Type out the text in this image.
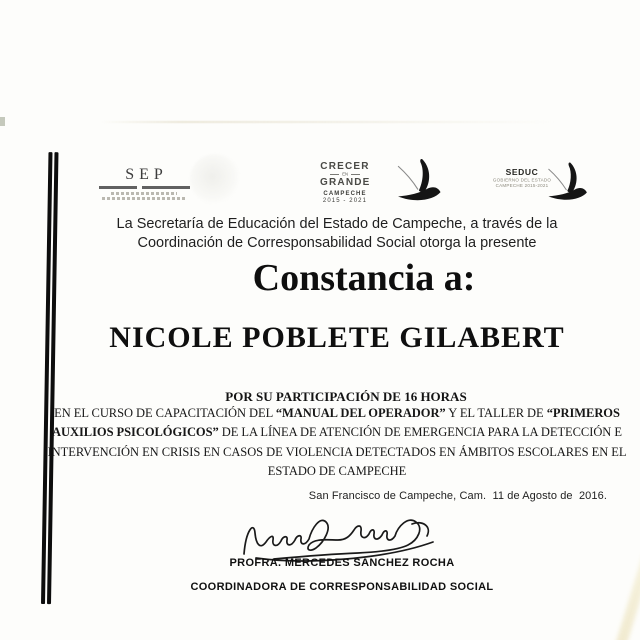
SEP	CRECER
EN
GRANDE
CAMPECHE
2015 - 2021
SEDUC
GOBIERNO DEL ESTADO
CAMPECHE 2015-2021
La Secretaría de Educación del Estado de Campeche, a través de la
Coordinación de Corresponsabilidad Social otorga la presente
Constancia a:
NICOLE POBLETE GILABERT
POR SU PARTICIPACIÓN DE 16 HORAS
EN EL CURSO DE CAPACITACIÓN DEL “MANUAL DEL OPERADOR” Y EL TALLER DE “PRIMEROS
AUXILIOS PSICOLÓGICOS” DE LA LÍNEA DE ATENCIÓN DE EMERGENCIA PARA LA DETECCIÓN E
INTERVENCIÓN EN CRISIS EN CASOS DE VIOLENCIA DETECTADOS EN ÁMBITOS ESCOLARES EN EL
ESTADO DE CAMPECHE
San Francisco de Campeche, Cam.  11 de Agosto de  2016.
PROFRA. MERCEDES SANCHEZ ROCHA
COORDINADORA DE CORRESPONSABILIDAD SOCIAL
